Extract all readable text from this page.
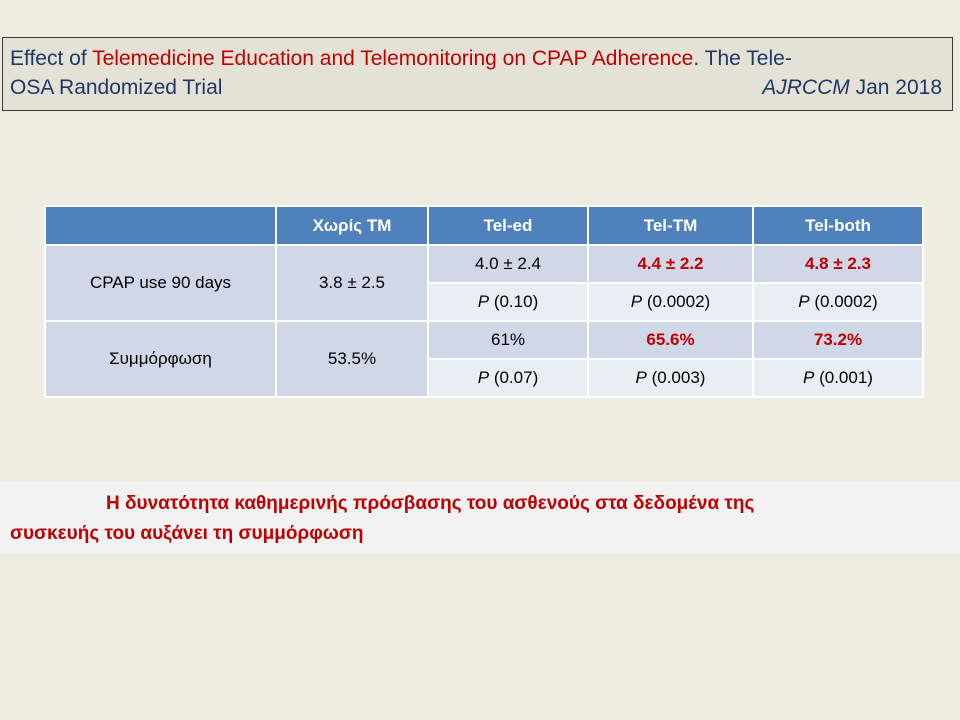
Effect of Telemedicine Education and Telemonitoring on CPAP Adherence. The Tele-
OSA Randomized Trial	AJRCCM Jan 2018
	Χωρίς TM	Tel-ed	Tel-TM	Tel-both
CPAP use 90 days	3.8 ± 2.5	4.0 ± 2.4	4.4 ± 2.2	4.8 ± 2.3
		P (0.10)	P (0.0002)	P (0.0002)
Συμμόρφωση	53.5%	61%	65.6%	73.2%
		P (0.07)	P (0.003)	P (0.001)
Η δυνατότητα καθημερινής πρόσβασης του ασθενούς στα δεδομένα της
συσκευής του αυξάνει τη συμμόρφωση
